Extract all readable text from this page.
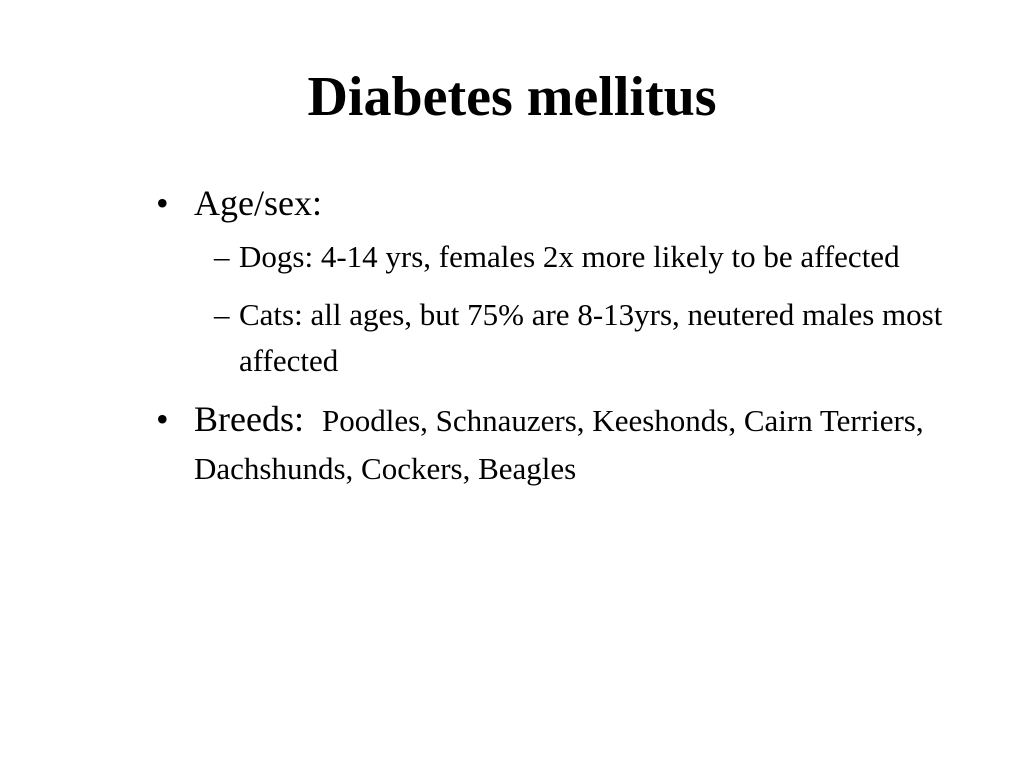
Diabetes mellitus
• Age/sex:
– Dogs: 4-14 yrs, females 2x more likely to be affected
– Cats: all ages, but 75% are 8-13yrs, neutered males most affected
• Breeds: Poodles, Schnauzers, Keeshonds, Cairn Terriers, Dachshunds, Cockers, Beagles
